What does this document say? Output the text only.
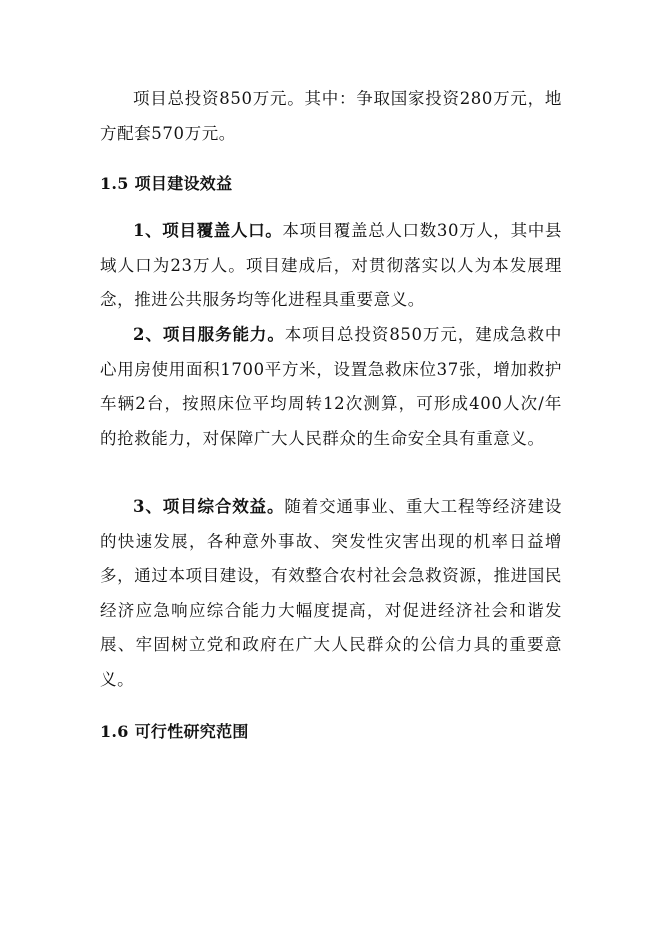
项目总投资850万元。其中：争取国家投资280万元，地方配套570万元。

1.5 项目建设效益

1、项目覆盖人口。本项目覆盖总人口数30万人，其中县域人口为23万人。项目建成后，对贯彻落实以人为本发展理念，推进公共服务均等化进程具重要意义。

2、项目服务能力。本项目总投资850万元，建成急救中心用房使用面积1700平方米，设置急救床位37张，增加救护车辆2台，按照床位平均周转12次测算，可形成400人次/年的抢救能力，对保障广大人民群众的生命安全具有重意义。

3、项目综合效益。随着交通事业、重大工程等经济建设的快速发展，各种意外事故、突发性灾害出现的机率日益增多，通过本项目建设，有效整合农村社会急救资源，推进国民经济应急响应综合能力大幅度提高，对促进经济社会和谐发展、牢固树立党和政府在广大人民群众的公信力具的重要意义。

1.6 可行性研究范围
